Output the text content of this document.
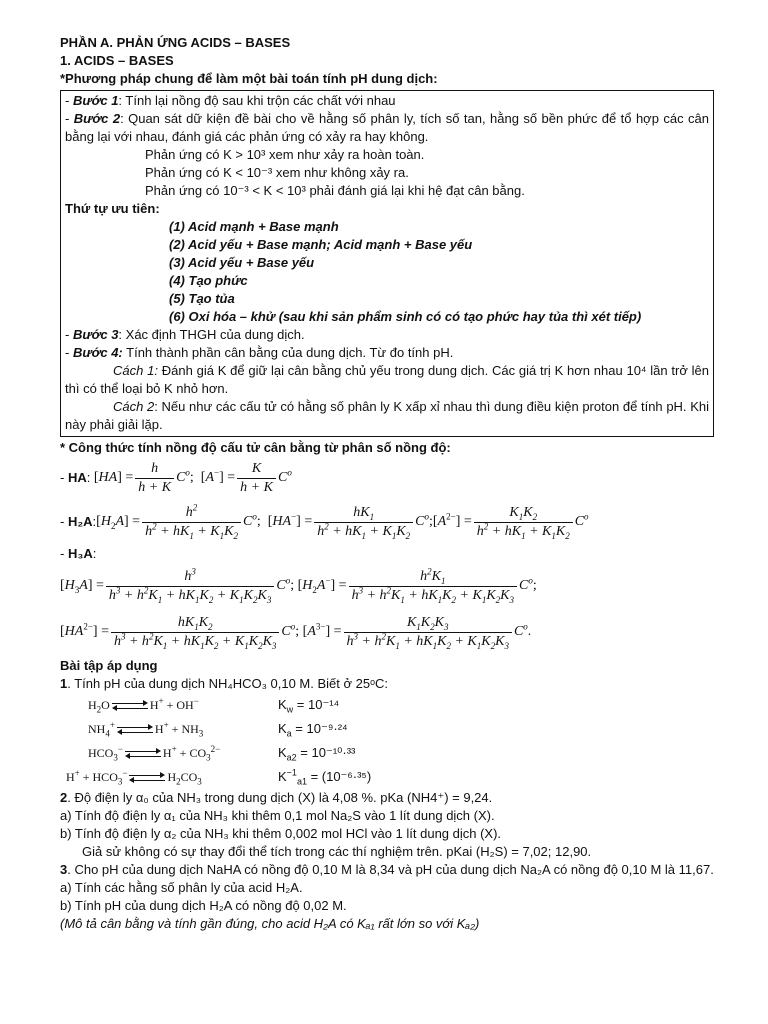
PHẦN A. PHẢN ỨNG ACIDS – BASES
1. ACIDS – BASES
*Phương pháp chung để làm một bài toán tính pH dung dịch:
- Bước 1: Tính lại nồng độ sau khi trộn các chất với nhau
- Bước 2: Quan sát dữ kiện đề bài cho về hằng số phân ly, tích số tan, hằng số bền phức để tổ hợp các cân bằng lại với nhau, đánh giá các phản ứng có xảy ra hay không.
Phản ứng có K > 10³ xem như xảy ra hoàn toàn.
Phản ứng có K < 10⁻³ xem như không xảy ra.
Phản ứng có 10⁻³ < K < 10³ phải đánh giá lại khi hệ đạt cân bằng.
Thứ tự ưu tiên:
(1) Acid mạnh + Base mạnh
(2) Acid yếu + Base mạnh; Acid mạnh + Base yếu
(3) Acid yếu + Base yếu
(4) Tạo phức
(5) Tạo tủa
(6) Oxi hóa – khử (sau khi sản phẩm sinh có có tạo phức hay tủa thì xét tiếp)
- Bước 3: Xác định THGH của dung dịch.
- Bước 4: Tính thành phần cân bằng của dung dịch. Từ đo tính pH.
Cách 1: Đánh giá K để giữ lại cân bằng chủ yếu trong dung dịch. Các giá trị K hơn nhau 10⁴ lần trở lên thì có thể loại bỏ K nhỏ hơn.
Cách 2: Nếu như các cấu tử có hằng số phân ly K xấp xỉ nhau thì dung điều kiện proton để tính pH. Khi này phải giải lặp.
* Công thức tính nồng độ cấu tử cân bằng từ phân số nồng độ:
- HA: $[HA] = \frac{h}{h + K} C^o$ ;  $[A^-] = \frac{K}{h + K} C^o$
- H₂A: $[H_2A] = \frac{h^2}{h^2 + hK_1 + K_1K_2} C^o$ ;  $[HA^-] = \frac{hK_1}{h^2 + hK_1 + K_1K_2} C^o$ $;[A^{2-}] = \frac{K_1K_2}{h^2 + hK_1 + K_1K_2} C^o$
- H₃A:
$[H_3A] = \frac{h^3}{h^3 + h^2K_1 + hK_1K_2 + K_1K_2K_3} C^o$ ; $[H_2A^-] = \frac{h^2K_1}{h^3 + h^2K_1 + hK_1K_2 + K_1K_2K_3} C^o$ ;
$[HA^{2-}] = \frac{hK_1K_2}{h^3 + h^2K_1 + hK_1K_2 + K_1K_2K_3} C^o$ ; $[A^{3-}] = \frac{K_1K_2K_3}{h^3 + h^2K_1 + hK_1K_2 + K_1K_2K_3} C^o$ .
Bài tập áp dụng
1. Tính pH của dung dịch NH₄HCO₃ 0,10 M. Biết ở 25ᵒC:
$H_2O$	H+ + OH−	$K_w = 10^{-14}$
$NH_4^+$	$H^+ + NH_3$	$K_a = 10^{-9}\cdot^{24}$
$HCO_3^-$	$H^+ + CO_3^{2-}$	$K_{a2} = 10^{-10}\cdot^{33}$
$H^+ + HCO_3^-$	$H_2CO_3$	$K^{-1}_{a1} = (10^{-6}\cdot^{35})$
2. Độ điện ly α₀ của NH₃ trong dung dịch (X) là 4,08 %. pKa (NH4⁺) = 9,24.
a) Tính độ điện ly α₁ của NH₃ khi thêm 0,1 mol Na₂S vào 1 lít dung dịch (X).
b) Tính độ điện ly α₂ của NH₃ khi thêm 0,002 mol HCl vào 1 lít dung dịch (X).
Giả sử không có sự thay đổi thể tích trong các thí nghiệm trên. pKai (H₂S) = 7,02; 12,90.
3. Cho pH của dung dịch NaHA có nồng độ 0,10 M là 8,34 và pH của dung dịch Na₂A có nồng độ 0,10 M là 11,67.
a) Tính các hằng số phân ly của acid H₂A.
b) Tính pH của dung dịch H₂A có nồng độ 0,02 M.
(Mô tả cân bằng và tính gần đúng, cho acid H₂A có Kₐ₁ rất lớn so với Kₐ₂)
